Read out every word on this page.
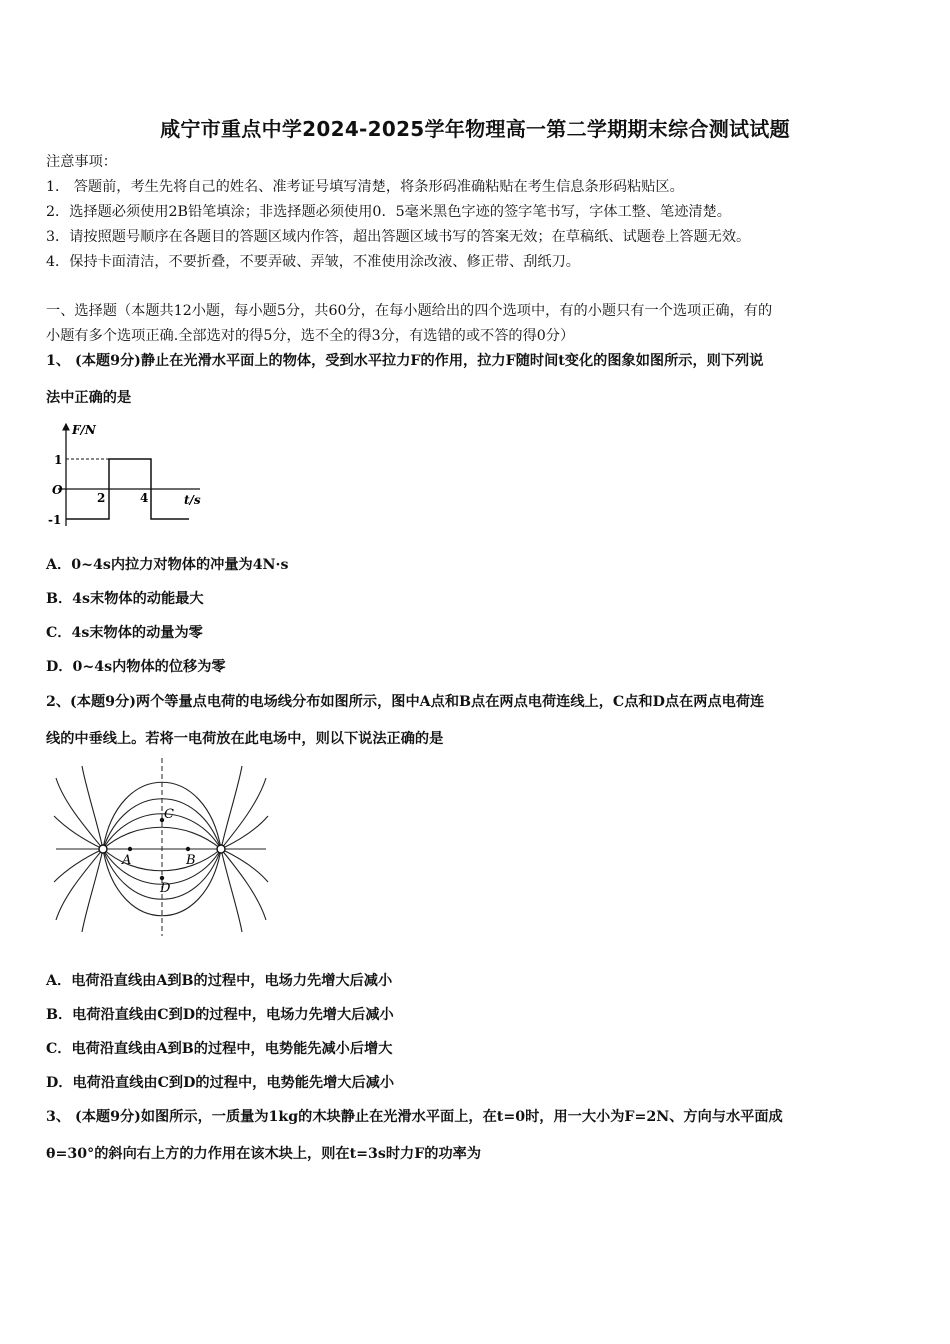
咸宁市重点中学2024-2025学年物理高一第二学期期末综合测试试题
注意事项：
1． 答题前，考生先将自己的姓名、准考证号填写清楚，将条形码准确粘贴在考生信息条形码粘贴区。
2．选择题必须使用2B铅笔填涂；非选择题必须使用0．5毫米黑色字迹的签字笔书写，字体工整、笔迹清楚。
3．请按照题号顺序在各题目的答题区域内作答，超出答题区域书写的答案无效；在草稿纸、试题卷上答题无效。
4．保持卡面清洁，不要折叠，不要弄破、弄皱，不准使用涂改液、修正带、刮纸刀。
一、选择题（本题共12小题，每小题5分，共60分，在每小题给出的四个选项中，有的小题只有一个选项正确，有的
小题有多个选项正确.全部选对的得5分，选不全的得3分，有选错的或不答的得0分）
1、 (本题9分)静止在光滑水平面上的物体，受到水平拉力F的作用，拉力F随时间t变化的图象如图所示，则下列说
法中正确的是
F/N
t/s
O
1
-1
2	4
A．0~4s内拉力对物体的冲量为4N·s
B．4s末物体的动能最大
C．4s末物体的动量为零
D．0~4s内物体的位移为零
2、(本题9分)两个等量点电荷的电场线分布如图所示，图中A点和B点在两点电荷连线上，C点和D点在两点电荷连
线的中垂线上。若将一电荷放在此电场中，则以下说法正确的是
C
A	B
D
A．电荷沿直线由A到B的过程中，电场力先增大后减小
B．电荷沿直线由C到D的过程中，电场力先增大后减小
C．电荷沿直线由A到B的过程中，电势能先减小后增大
D．电荷沿直线由C到D的过程中，电势能先增大后减小
3、 (本题9分)如图所示，一质量为1kg的木块静止在光滑水平面上，在t=0时，用一大小为F=2N、方向与水平面成
θ=30°的斜向右上方的力作用在该木块上，则在t=3s时力F的功率为
